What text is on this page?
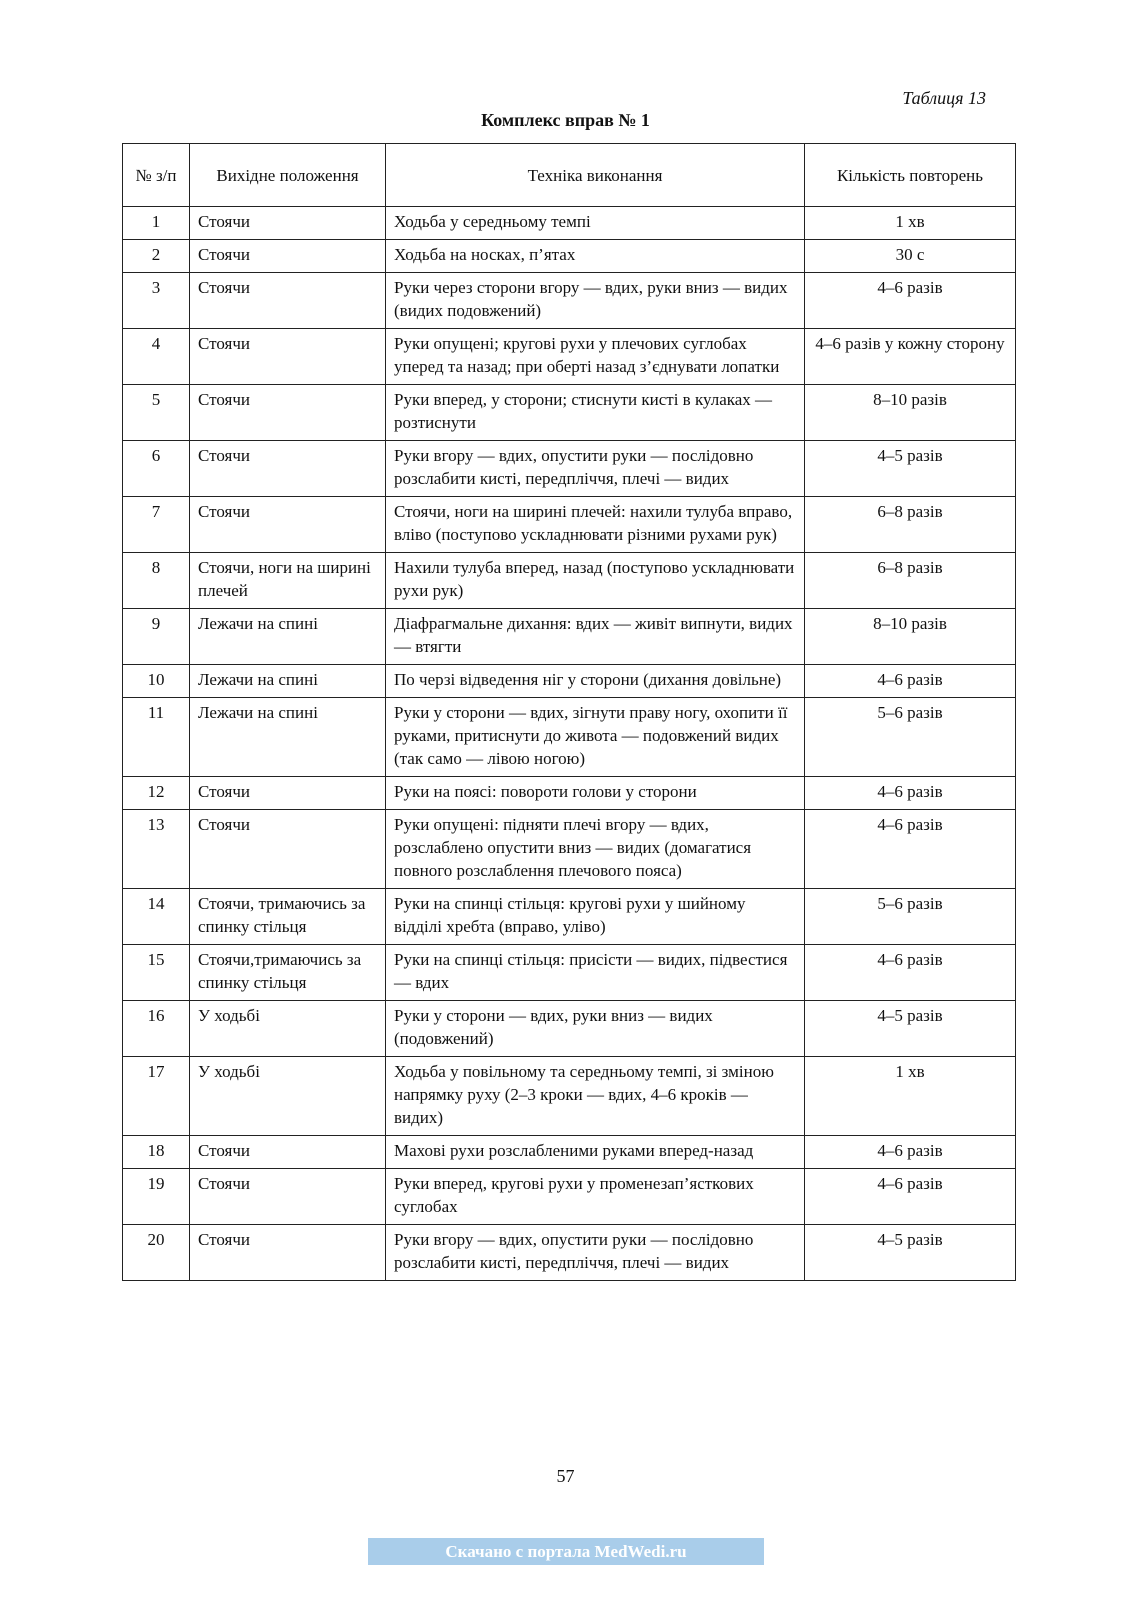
Таблиця 13
Комплекс вправ № 1
№ з/п	Вихідне положення	Техніка виконання	Кількість повторень
1	Стоячи	Ходьба у середньому темпі	1 хв
2	Стоячи	Ходьба на носках, п’ятах	30 с
3	Стоячи	Руки через сторони вгору — вдих, руки вниз — видих (видих подовжений)	4–6 разів
4	Стоячи	Руки опущені; кругові рухи у плечових суглобах уперед та назад; при оберті назад з’єднувати лопатки	4–6 разів у кожну сторону
5	Стоячи	Руки вперед, у сторони; стиснути кисті в кулаках — розтиснути	8–10 разів
6	Стоячи	Руки вгору — вдих, опустити руки — послідовно розслабити кисті, передпліччя, плечі — видих	4–5 разів
7	Стоячи	Стоячи, ноги на ширині плечей: нахили тулуба вправо, вліво (поступово ускладнювати різними рухами рук)	6–8 разів
8	Стоячи, ноги на ширині плечей	Нахили тулуба вперед, назад (поступово ускладнювати рухи рук)	6–8 разів
9	Лежачи на спині	Діафрагмальне дихання: вдих — живіт випнути, видих — втягти	8–10 разів
10	Лежачи на спині	По черзі відведення ніг у сторони (дихання довільне)	4–6 разів
11	Лежачи на спині	Руки у сторони — вдих, зігнути праву ногу, охопити її руками, притиснути до живота — подовжений видих (так само — лівою ногою)	5–6 разів
12	Стоячи	Руки на поясі: повороти голови у сторони	4–6 разів
13	Стоячи	Руки опущені: підняти плечі вгору — вдих, розслаблено опустити вниз — видих (домагатися повного розслаблення плечового пояса)	4–6 разів
14	Стоячи, тримаючись за спинку стільця	Руки на спинці стільця: кругові рухи у шийному відділі хребта (вправо, уліво)	5–6 разів
15	Стоячи,тримаючись за спинку стільця	Руки на спинці стільця: присісти — видих, підвестися — вдих	4–6 разів
16	У ходьбі	Руки у сторони — вдих, руки вниз — видих (подовжений)	4–5 разів
17	У ходьбі	Ходьба у повільному та середньому темпі, зі зміною напрямку руху (2–3 кроки — вдих, 4–6 кроків — видих)	1 хв
18	Стоячи	Махові рухи розслабленими руками вперед-назад	4–6 разів
19	Стоячи	Руки вперед, кругові рухи у променезап’ясткових суглобах	4–6 разів
20	Стоячи	Руки вгору — вдих, опустити руки — послідовно розслабити кисті, передпліччя, плечі — видих	4–5 разів
57
Скачано с портала MedWedi.ru
